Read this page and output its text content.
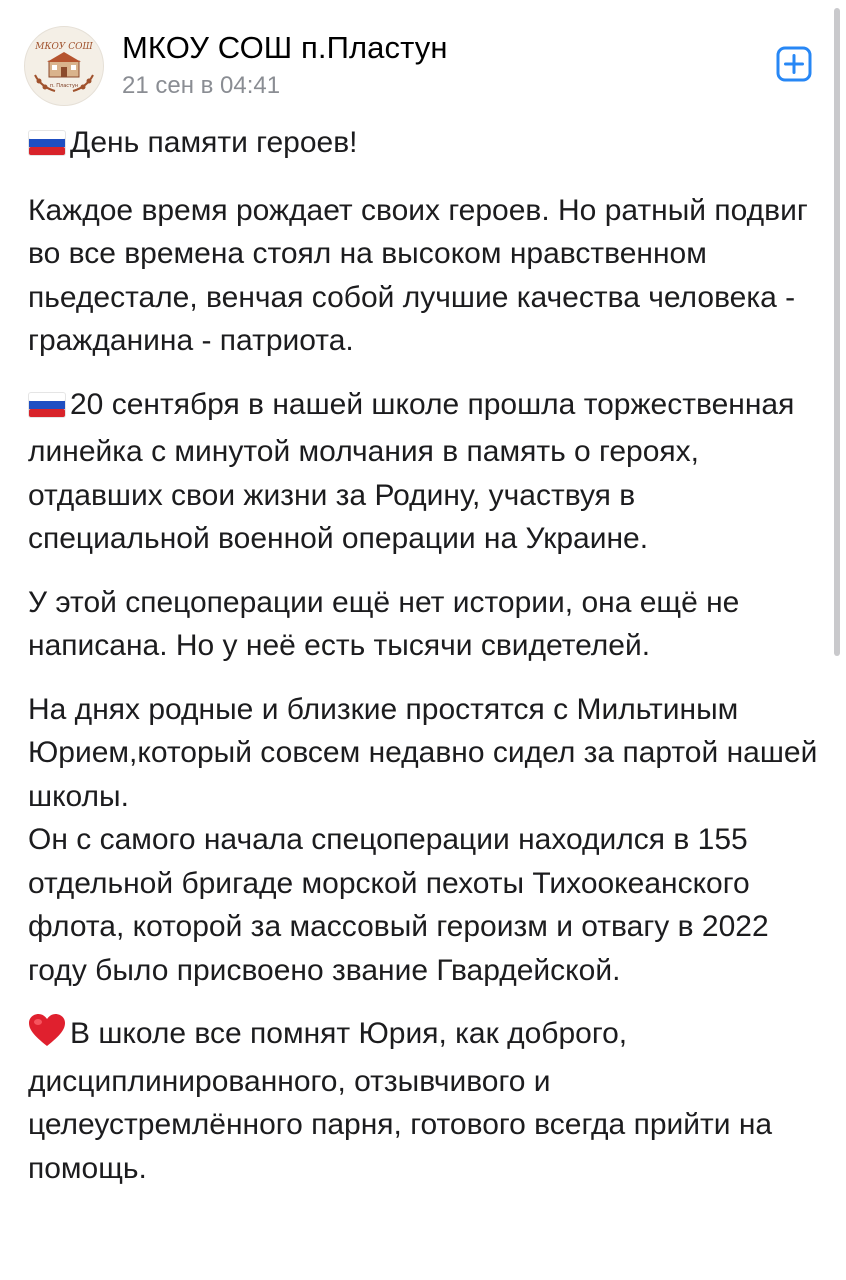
МКОУ СОШ
п. Пластун
МКОУ СОШ п.Пластун
21 сен в 04:41
День памяти героев!
Каждое время рождает своих героев. Но ратный подвиг во все времена стоял на высоком нравственном пьедестале, венчая собой лучшие качества человека - гражданина - патриота.
20 сентября в нашей школе прошла торжественная линейка с минутой молчания в память о героях, отдавших свои жизни за Родину, участвуя в специальной военной операции на Украине.
У этой спецоперации ещё нет истории, она ещё не написана. Но у неё есть тысячи свидетелей.
На днях родные и близкие простятся с Мильтиным Юрием,который совсем недавно сидел за партой нашей школы.
Он с самого начала спецоперации находился в 155 отдельной бригаде морской пехоты Тихоокеанского флота, которой за массовый героизм и отвагу в 2022 году было присвоено звание Гвардейской.
В школе все помнят Юрия, как доброго, дисциплинированного, отзывчивого и целеустремлённого парня, готового всегда прийти на помощь.
